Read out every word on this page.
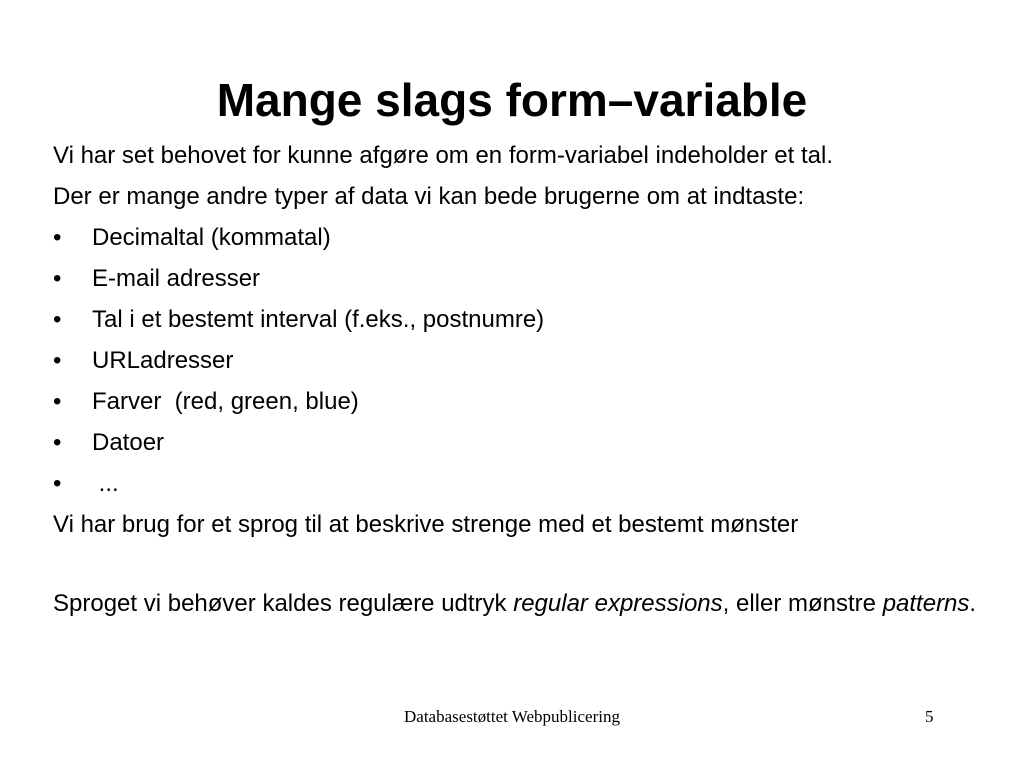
Mange slags form–variable

Vi har set behovet for kunne afgøre om en form-variabel indeholder et tal.

Der er mange andre typer af data vi kan bede brugerne om at indtaste:

•	Decimaltal (kommatal)
•	E-mail adresser
•	Tal i et bestemt interval (f.eks., postnumre)
•	URLadresser
•	Farver  (red, green, blue)
•	Datoer
•	...

Vi har brug for et sprog til at beskrive strenge med et bestemt mønster

Sproget vi behøver kaldes regulære udtryk regular expressions, eller mønstre patterns.

Databasestøttet Webpublicering	5
